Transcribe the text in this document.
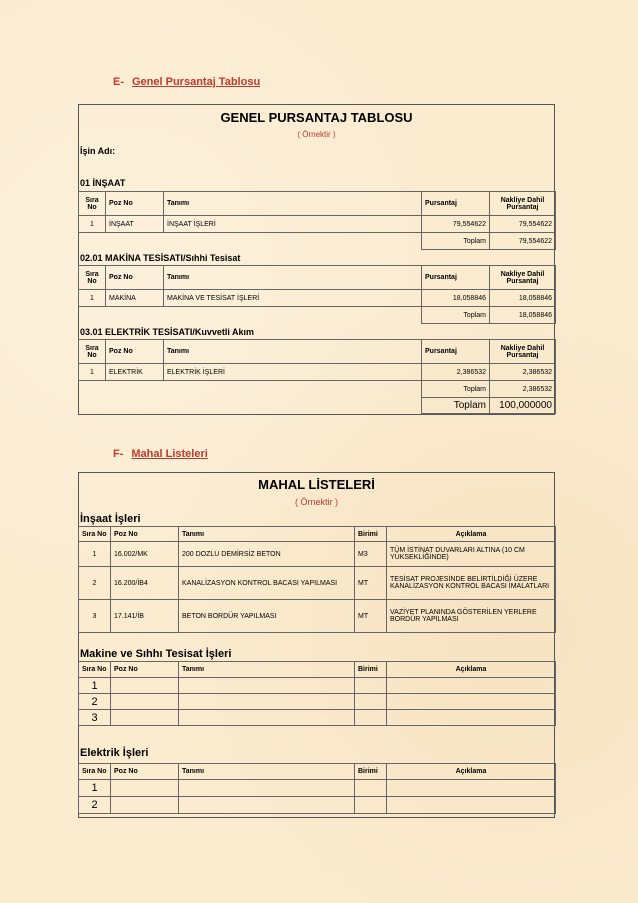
E- Genel Pursantaj Tablosu
GENEL PURSANTAJ TABLOSU
( Örnektir )
İşin Adı:
01 İNŞAAT
Sıra No	Poz No	Tanımı	Pursantaj	Nakliye Dahil Pursantaj
1	İNŞAAT	İNŞAAT İŞLERİ	79,554622	79,554622
			Toplam	79,554622
02.01 MAKİNA TESİSATI/Sıhhi Tesisat
Sıra No	Poz No	Tanımı	Pursantaj	Nakliye Dahil Pursantaj
1	MAKİNA	MAKİNA VE TESİSAT İŞLERİ	18,058846	18,058846
			Toplam	18,058846
03.01 ELEKTRİK TESİSATI/Kuvvetli Akım
Sıra No	Poz No	Tanımı	Pursantaj	Nakliye Dahil Pursantaj
1	ELEKTRİK	ELEKTRİK İŞLERİ	2,386532	2,386532
			Toplam	2,386532
			Toplam	100,000000
F- Mahal Listeleri
MAHAL LİSTELERİ
( Örnektir )
İnşaat İşleri
Sıra No	Poz No	Tanımı	Birimi	Açıklama
1	16.002/MK	200 DOZLU DEMİRSİZ BETON	M3	TÜM İSTİNAT DUVARLARI ALTINA (10 CM YÜKSEKLİĞİNDE)
2	16.200/İB4	KANALİZASYON KONTROL BACASI YAPILMASI	MT	TESİSAT PROJESİNDE BELİRTİLDİĞİ ÜZERE KANALİZASYON KONTROL BACASI İMALATLARI
3	17.141/İB	BETON BORDÜR YAPILMASI	MT	VAZİYET PLANINDA GÖSTERİLEN YERLERE BORDÜR YAPILMASI
Makine ve Sıhhı Tesisat İşleri
Sıra No	Poz No	Tanımı	Birimi	Açıklama
1				
2				
3				
Elektrik İşleri
Sıra No	Poz No	Tanımı	Birimi	Açıklama
1				
2				
